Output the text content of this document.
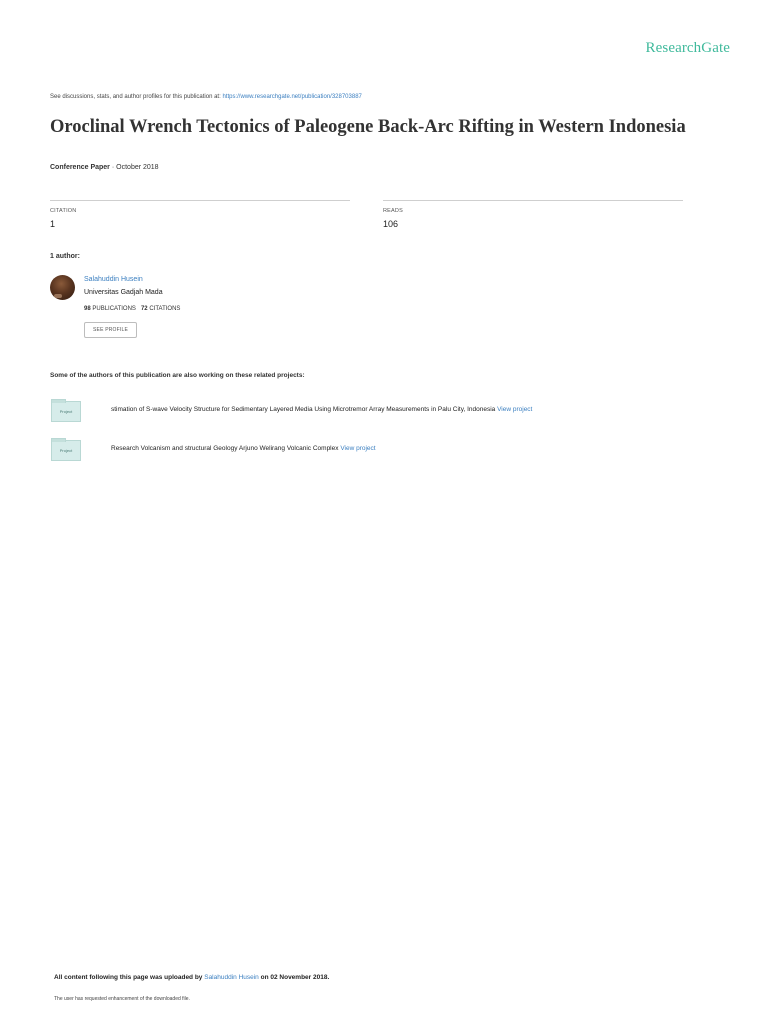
ResearchGate
See discussions, stats, and author profiles for this publication at: https://www.researchgate.net/publication/328703887
Oroclinal Wrench Tectonics of Paleogene Back-Arc Rifting in Western Indonesia
Conference Paper · October 2018
CITATION
1
READS
106
1 author:
Salahuddin Husein
Universitas Gadjah Mada
98 PUBLICATIONS 72 CITATIONS
SEE PROFILE
Some of the authors of this publication are also working on these related projects:
Project	stimation of S-wave Velocity Structure for Sedimentary Layered Media Using Microtremor Array Measurements in Palu City, Indonesia View project
Project	Research Volcanism and structural Geology Arjuno Welirang Volcanic Complex View project
All content following this page was uploaded by Salahuddin Husein on 02 November 2018.
The user has requested enhancement of the downloaded file.
